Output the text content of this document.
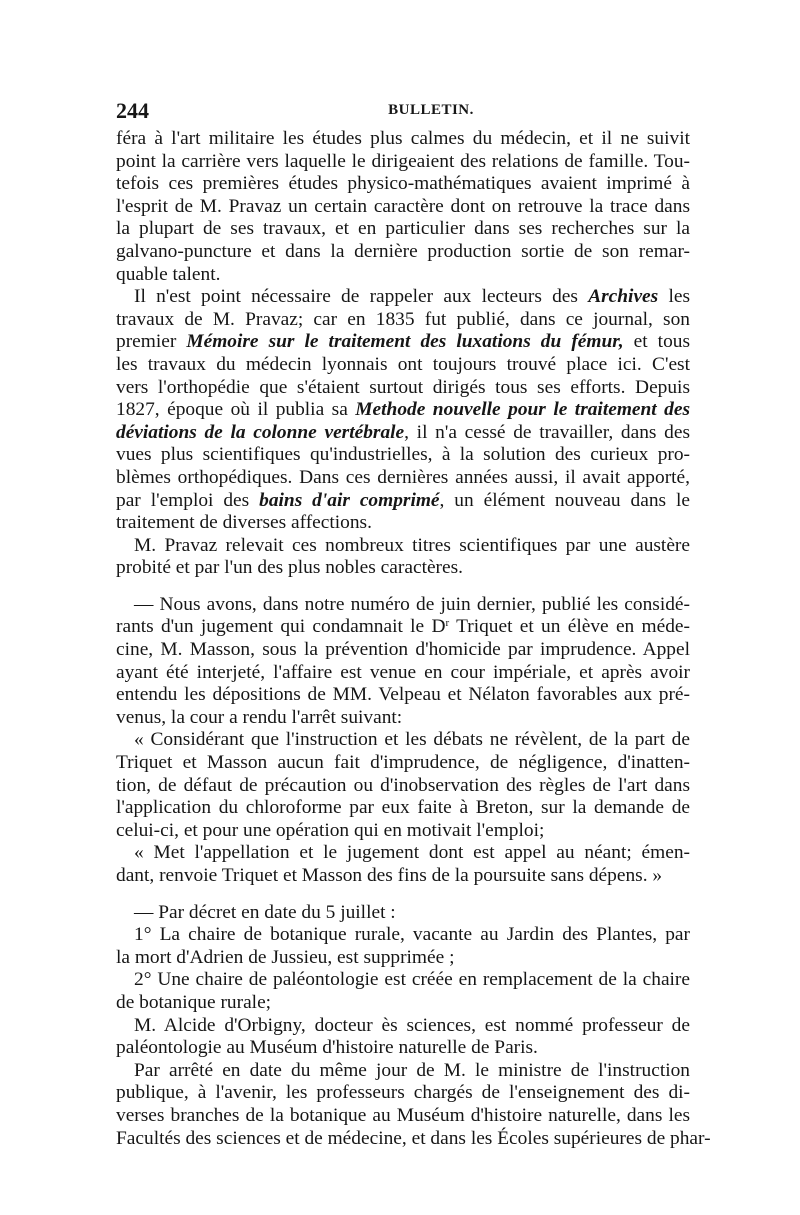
244	BULLETIN.

féra à l'art militaire les études plus calmes du médecin, et il ne suivit
point la carrière vers laquelle le dirigeaient des relations de famille. Tou-
tefois ces premières études physico-mathématiques avaient imprimé à
l'esprit de M. Pravaz un certain caractère dont on retrouve la trace dans
la plupart de ses travaux, et en particulier dans ses recherches sur la
galvano-puncture et dans la dernière production sortie de son remar-
quable talent.

Il n'est point nécessaire de rappeler aux lecteurs des Archives les
travaux de M. Pravaz; car en 1835 fut publié, dans ce journal, son
premier Mémoire sur le traitement des luxations du fémur, et tous
les travaux du médecin lyonnais ont toujours trouvé place ici. C'est
vers l'orthopédie que s'étaient surtout dirigés tous ses efforts. Depuis
1827, époque où il publia sa Methode nouvelle pour le traitement des
déviations de la colonne vertébrale, il n'a cessé de travailler, dans des
vues plus scientifiques qu'industrielles, à la solution des curieux pro-
blèmes orthopédiques. Dans ces dernières années aussi, il avait apporté,
par l'emploi des bains d'air comprimé, un élément nouveau dans le
traitement de diverses affections.

M. Pravaz relevait ces nombreux titres scientifiques par une austère
probité et par l'un des plus nobles caractères.

— Nous avons, dans notre numéro de juin dernier, publié les considé-
rants d'un jugement qui condamnait le $D^r$ Triquet et un élève en méde-
cine, M. Masson, sous la prévention d'homicide par imprudence. Appel
ayant été interjeté, l'affaire est venue en cour impériale, et après avoir
entendu les dépositions de MM. Velpeau et Nélaton favorables aux pré-
venus, la cour a rendu l'arrêt suivant:

« Considérant que l'instruction et les débats ne révèlent, de la part de
Triquet et Masson aucun fait d'imprudence, de négligence, d'inatten-
tion, de défaut de précaution ou d'inobservation des règles de l'art dans
l'application du chloroforme par eux faite à Breton, sur la demande de
celui-ci, et pour une opération qui en motivait l'emploi;

« Met l'appellation et le jugement dont est appel au néant; émen-
dant, renvoie Triquet et Masson des fins de la poursuite sans dépens. »

— Par décret en date du 5 juillet :

1° La chaire de botanique rurale, vacante au Jardin des Plantes, par
la mort d'Adrien de Jussieu, est supprimée ;

2° Une chaire de paléontologie est créée en remplacement de la chaire
de botanique rurale;

M. Alcide d'Orbigny, docteur ès sciences, est nommé professeur de
paléontologie au Muséum d'histoire naturelle de Paris.

Par arrêté en date du même jour de M. le ministre de l'instruction
publique, à l'avenir, les professeurs chargés de l'enseignement des di-
verses branches de la botanique au Muséum d'histoire naturelle, dans les
Facultés des sciences et de médecine, et dans les Écoles supérieures de phar-
